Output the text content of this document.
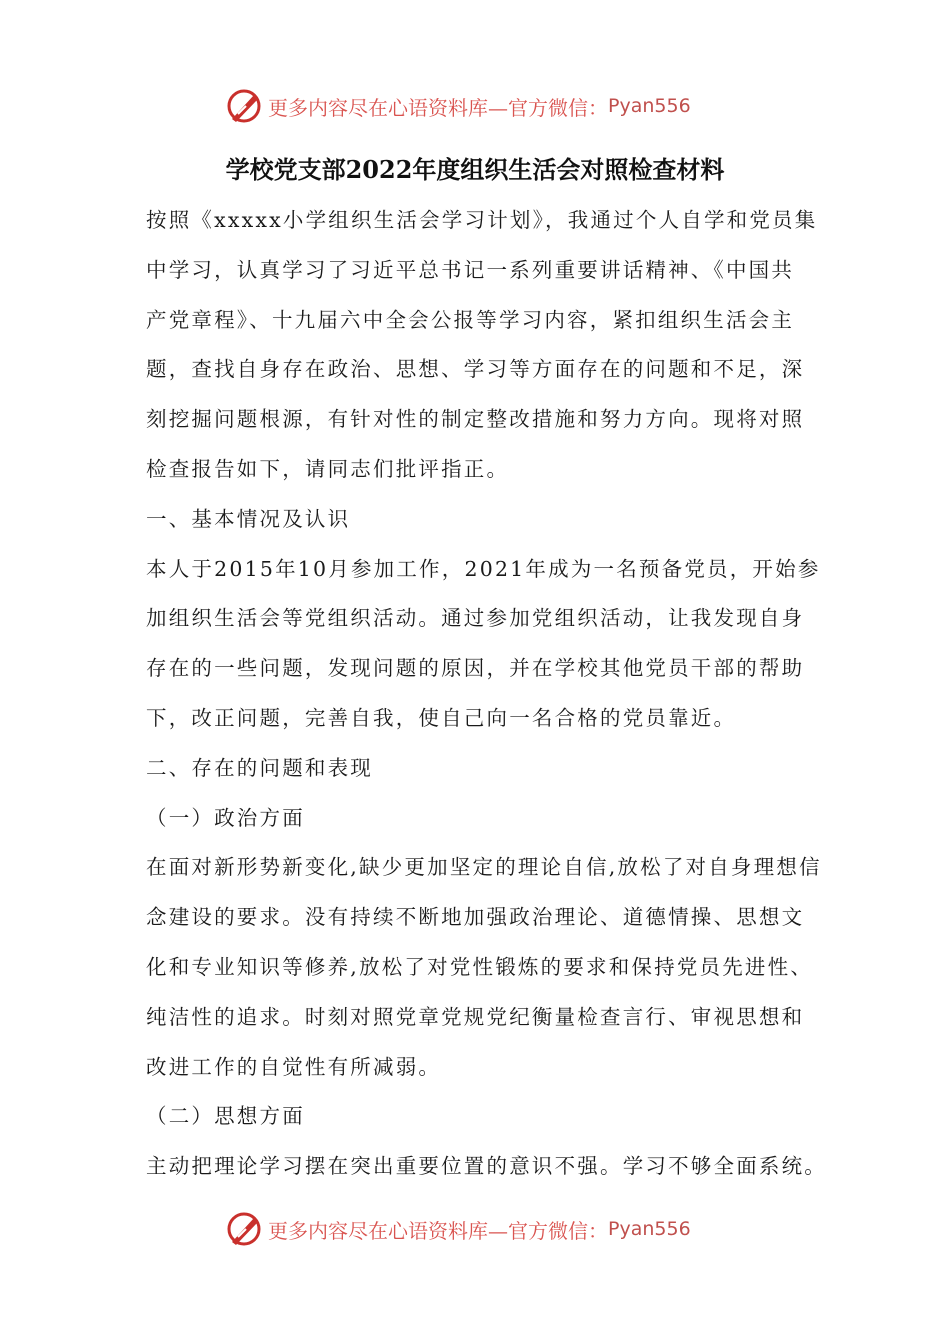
更多内容尽在心语资料库—官方微信： Pyan556
学校党支部2022年度组织生活会对照检查材料

按照《xxxxx小学组织生活会学习计划》，我通过个人自学和党员集

中学习，认真学习了习近平总书记一系列重要讲话精神、《中国共

产党章程》、十九届六中全会公报等学习内容，紧扣组织生活会主

题，查找自身存在政治、思想、学习等方面存在的问题和不足，深

刻挖掘问题根源，有针对性的制定整改措施和努力方向。现将对照

检查报告如下，请同志们批评指正。

一、基本情况及认识

本人于2015年10月参加工作，2021年成为一名预备党员，开始参

加组织生活会等党组织活动。通过参加党组织活动，让我发现自身

存在的一些问题，发现问题的原因，并在学校其他党员干部的帮助

下，改正问题，完善自我，使自己向一名合格的党员靠近。

二、存在的问题和表现

（一）政治方面

在面对新形势新变化,缺少更加坚定的理论自信,放松了对自身理想信

念建设的要求。没有持续不断地加强政治理论、道德情操、思想文

化和专业知识等修养,放松了对党性锻炼的要求和保持党员先进性、

纯洁性的追求。时刻对照党章党规党纪衡量检查言行、审视思想和

改进工作的自觉性有所减弱。

（二）思想方面

主动把理论学习摆在突出重要位置的意识不强。学习不够全面系统。

更多内容尽在心语资料库—官方微信： Pyan556
